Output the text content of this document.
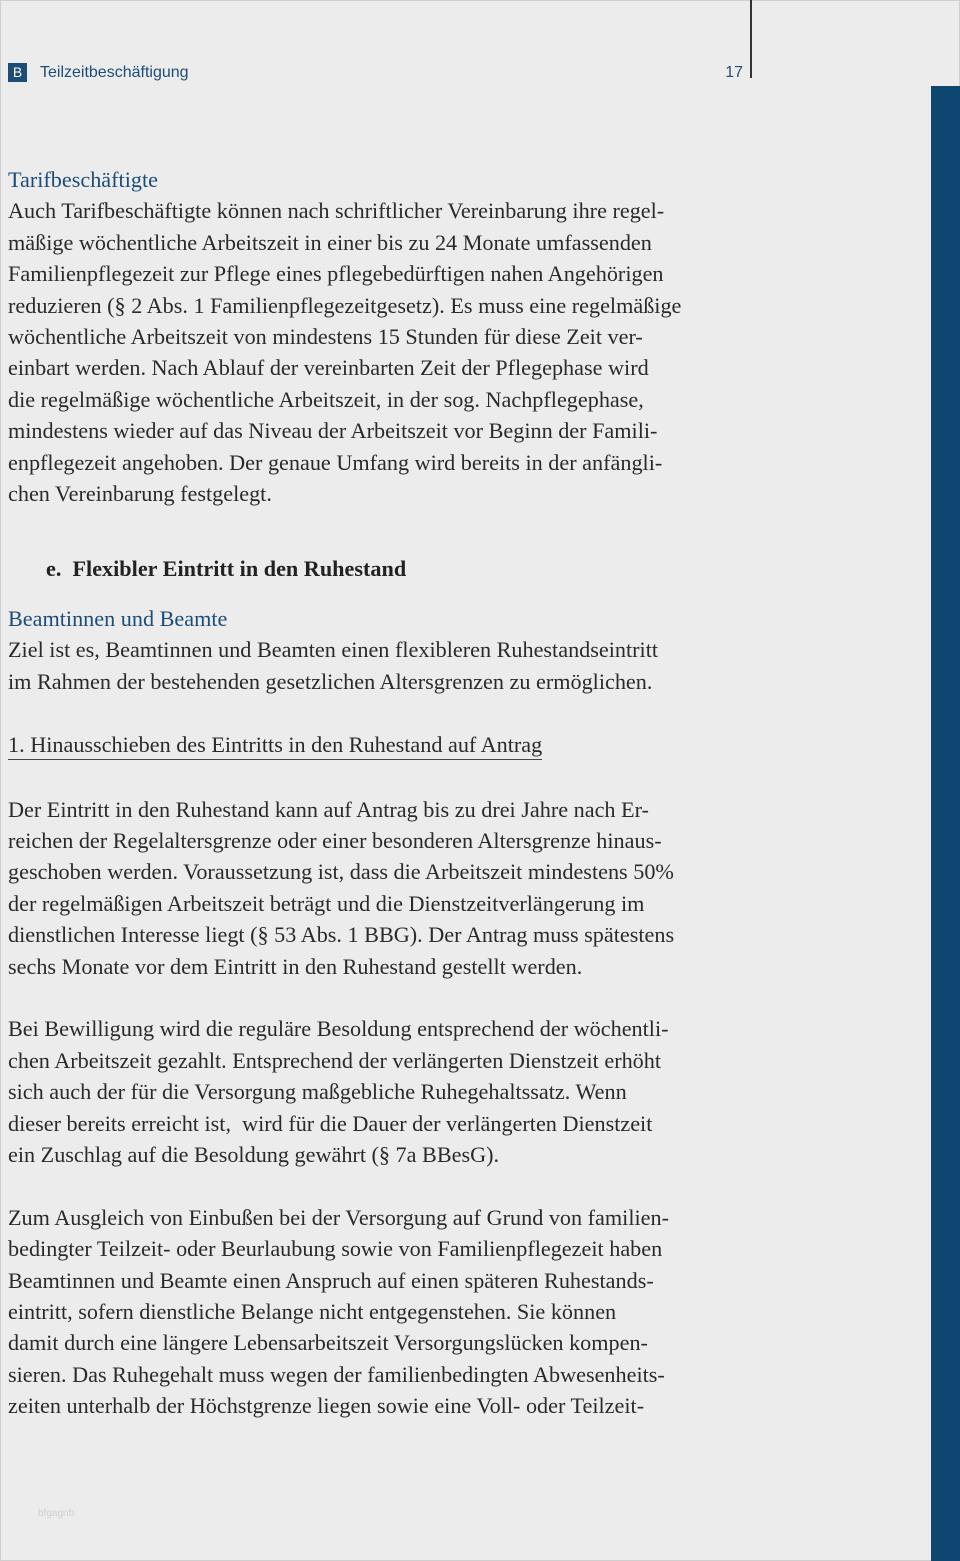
B	Teilzeitbeschäftigung	17

Tarifbeschäftigte

Auch Tarifbeschäftigte können nach schriftlicher Vereinbarung ihre regel-

mäßige wöchentliche Arbeitszeit in einer bis zu 24 Monate umfassenden

Familienpflegezeit zur Pflege eines pflegebedürftigen nahen Angehörigen

reduzieren (§ 2 Abs. 1 Familienpflegezeitgesetz). Es muss eine regelmäßige

wöchentliche Arbeitszeit von mindestens 15 Stunden für diese Zeit ver-

einbart werden. Nach Ablauf der vereinbarten Zeit der Pflegephase wird

die regelmäßige wöchentliche Arbeitszeit, in der sog. Nachpflegephase,

mindestens wieder auf das Niveau der Arbeitszeit vor Beginn der Famili-

enpflegezeit angehoben. Der genaue Umfang wird bereits in der anfängli-

chen Vereinbarung festgelegt.

e.  Flexibler Eintritt in den Ruhestand

Beamtinnen und Beamte

Ziel ist es, Beamtinnen und Beamten einen flexibleren Ruhestandseintritt

im Rahmen der bestehenden gesetzlichen Altersgrenzen zu ermöglichen.

1. Hinausschieben des Eintritts in den Ruhestand auf Antrag

Der Eintritt in den Ruhestand kann auf Antrag bis zu drei Jahre nach Er-

reichen der Regelaltersgrenze oder einer besonderen Altersgrenze hinaus-

geschoben werden. Voraussetzung ist, dass die Arbeitszeit mindestens 50%

der regelmäßigen Arbeitszeit beträgt und die Dienstzeitverlängerung im

dienstlichen Interesse liegt (§ 53 Abs. 1 BBG). Der Antrag muss spätestens

sechs Monate vor dem Eintritt in den Ruhestand gestellt werden.

Bei Bewilligung wird die reguläre Besoldung entsprechend der wöchentli-

chen Arbeitszeit gezahlt. Entsprechend der verlängerten Dienstzeit erhöht

sich auch der für die Versorgung maßgebliche Ruhegehaltssatz. Wenn

dieser bereits erreicht ist,  wird für die Dauer der verlängerten Dienstzeit

ein Zuschlag auf die Besoldung gewährt (§ 7a BBesG).

Zum Ausgleich von Einbußen bei der Versorgung auf Grund von familien-

bedingter Teilzeit- oder Beurlaubung sowie von Familienpflegezeit haben

Beamtinnen und Beamte einen Anspruch auf einen späteren Ruhestands-

eintritt, sofern dienstliche Belange nicht entgegenstehen. Sie können

damit durch eine längere Lebensarbeitszeit Versorgungslücken kompen-

sieren. Das Ruhegehalt muss wegen der familienbedingten Abwesenheits-

zeiten unterhalb der Höchstgrenze liegen sowie eine Voll- oder Teilzeit-

bfgagnb
